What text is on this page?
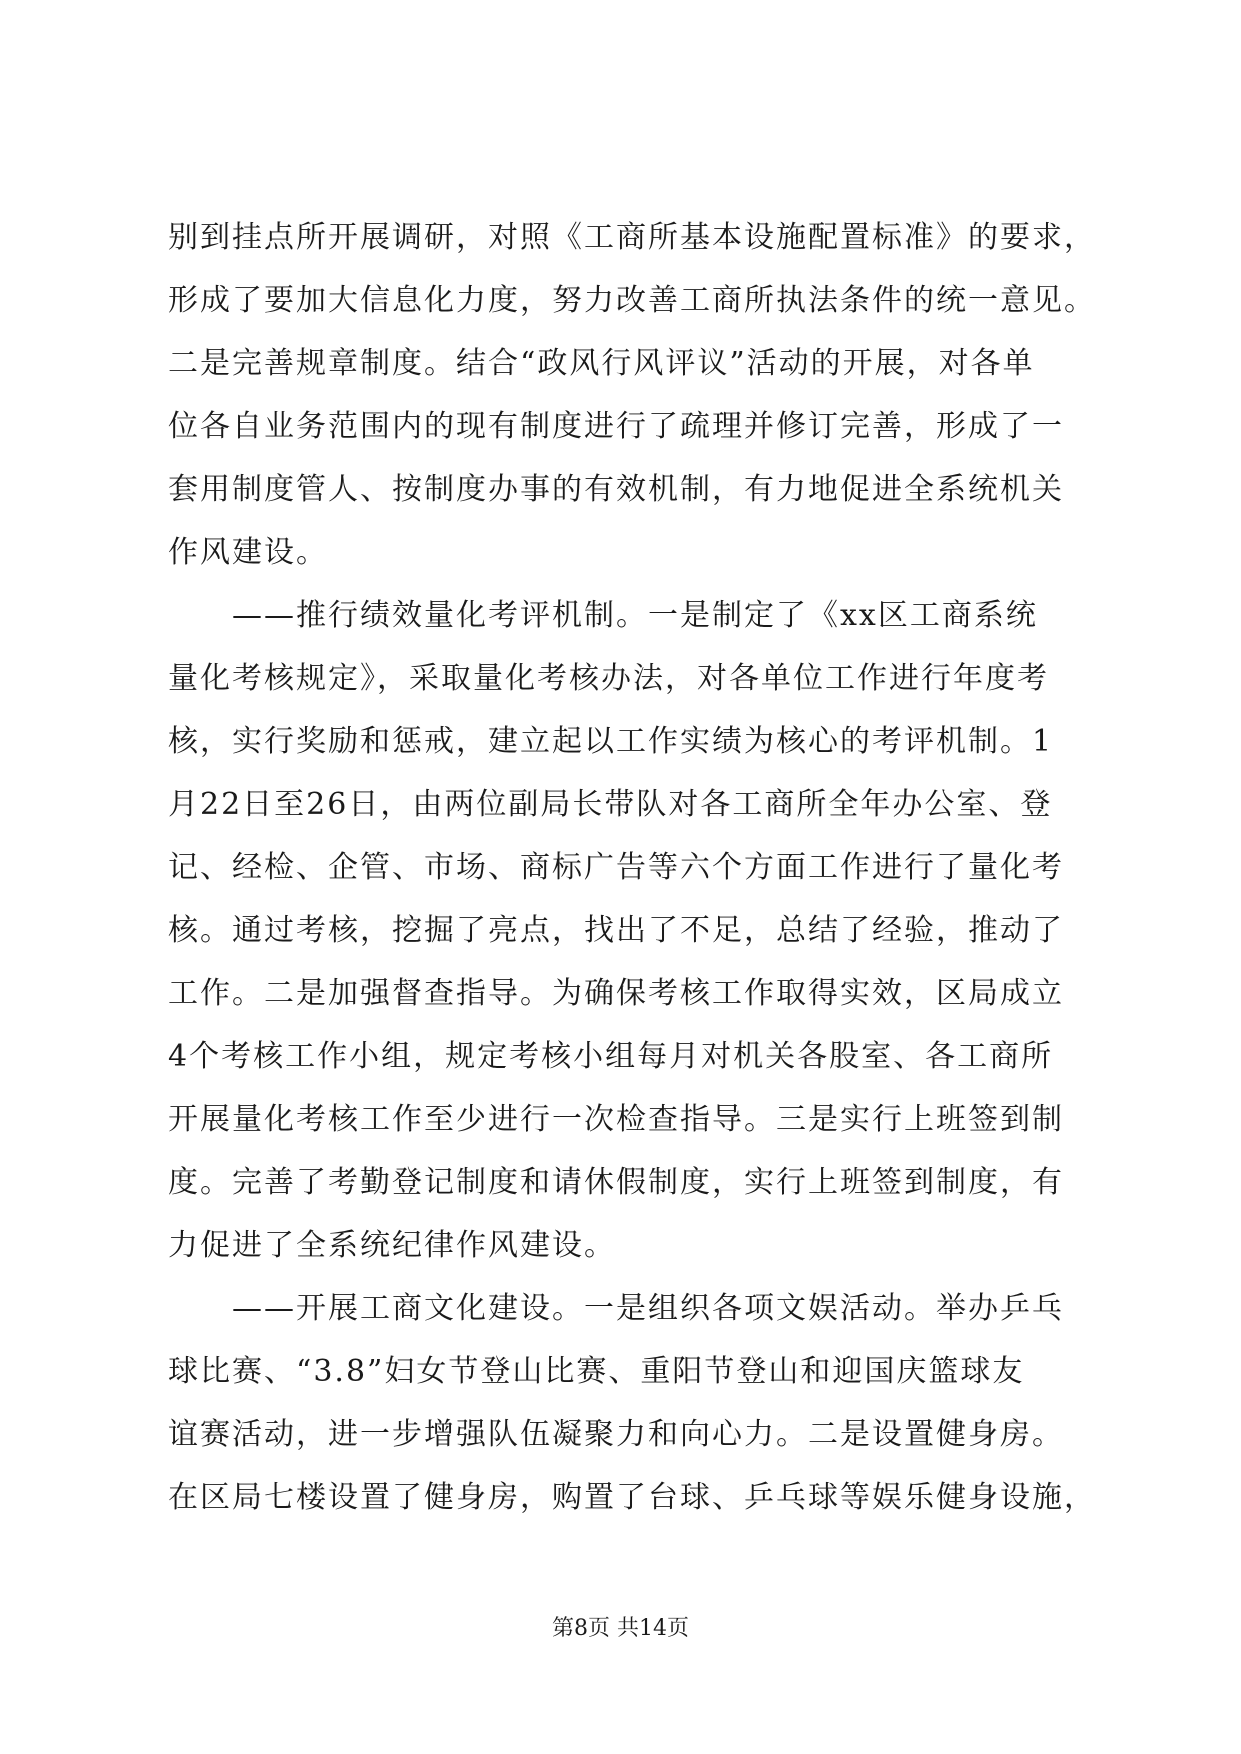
别到挂点所开展调研，对照《工商所基本设施配置标准》的要求，
形成了要加大信息化力度，努力改善工商所执法条件的统一意见。
二是完善规章制度。结合“政风行风评议”活动的开展，对各单
位各自业务范围内的现有制度进行了疏理并修订完善，形成了一
套用制度管人、按制度办事的有效机制，有力地促进全系统机关
作风建设。
　　——推行绩效量化考评机制。一是制定了《xx区工商系统
量化考核规定》，采取量化考核办法，对各单位工作进行年度考
核，实行奖励和惩戒，建立起以工作实绩为核心的考评机制。1
月22日至26日，由两位副局长带队对各工商所全年办公室、登
记、经检、企管、市场、商标广告等六个方面工作进行了量化考
核。通过考核，挖掘了亮点，找出了不足，总结了经验，推动了
工作。二是加强督查指导。为确保考核工作取得实效，区局成立
4个考核工作小组，规定考核小组每月对机关各股室、各工商所
开展量化考核工作至少进行一次检查指导。三是实行上班签到制
度。完善了考勤登记制度和请休假制度，实行上班签到制度，有
力促进了全系统纪律作风建设。
　　——开展工商文化建设。一是组织各项文娱活动。举办乒乓
球比赛、“3.8”妇女节登山比赛、重阳节登山和迎国庆篮球友
谊赛活动，进一步增强队伍凝聚力和向心力。二是设置健身房。
在区局七楼设置了健身房，购置了台球、乒乓球等娱乐健身设施，
第8页 共14页
